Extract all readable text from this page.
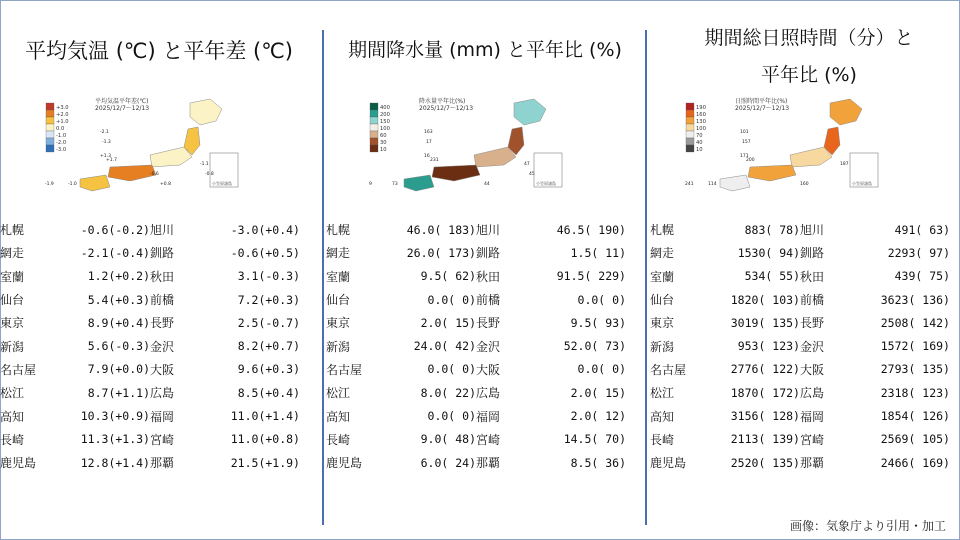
平均気温 (℃) と平年差 (℃)
+3.0
+2.0
+1.0
0.0
-1.0
-2.0
-3.0
平均気温平年差(℃)
2025/12/7〜12/13
-2.1
-1.3
+1.3
+1.7
-1.9	-1.0	+0.8
-1.1
-0.8
-0.6
小笠原諸島
札幌	-0.6(-0.2)	旭川	-3.0(+0.4)
網走	-2.1(-0.4)	釧路	-0.6(+0.5)
室蘭	1.2(+0.2)	秋田	3.1(-0.3)
仙台	5.4(+0.3)	前橋	7.2(+0.3)
東京	8.9(+0.4)	長野	2.5(-0.7)
新潟	5.6(-0.3)	金沢	8.2(+0.7)
名古屋	7.9(+0.0)	大阪	9.6(+0.3)
松江	8.7(+1.1)	広島	8.5(+0.4)
高知	10.3(+0.9)	福岡	11.0(+1.4)
長崎	11.3(+1.3)	宮崎	11.0(+0.8)
鹿児島	12.8(+1.4)	那覇	21.5(+1.9)
期間降水量 (mm) と平年比 (%)
400
200
150
100
60
30
10
降水量平年比(%)
2025/12/7〜12/13
163
17
16
231
9	73	44
47
45
小笠原諸島
札幌	46.0( 183)	旭川	46.5( 190)
網走	26.0( 173)	釧路	1.5( 11)
室蘭	9.5( 62)	秋田	91.5( 229)
仙台	0.0( 0)	前橋	0.0( 0)
東京	2.0( 15)	長野	9.5( 93)
新潟	24.0( 42)	金沢	52.0( 73)
名古屋	0.0( 0)	大阪	0.0( 0)
松江	8.0( 22)	広島	2.0( 15)
高知	0.0( 0)	福岡	2.0( 12)
長崎	9.0( 48)	宮崎	14.5( 70)
鹿児島	6.0( 24)	那覇	8.5( 36)
期間総日照時間（分）と
平年比 (%)
190
160
130
100
70
40
10
日照時間平年比(%)
2025/12/7〜12/13
101
157
171
200
241	114	160
187
小笠原諸島
札幌	883( 78)	旭川	491( 63)
網走	1530( 94)	釧路	2293( 97)
室蘭	534( 55)	秋田	439( 75)
仙台	1820( 103)	前橋	3623( 136)
東京	3019( 135)	長野	2508( 142)
新潟	953( 123)	金沢	1572( 169)
名古屋	2776( 122)	大阪	2793( 135)
松江	1870( 172)	広島	2318( 123)
高知	3156( 128)	福岡	1854( 126)
長崎	2113( 139)	宮崎	2569( 105)
鹿児島	2520( 135)	那覇	2466( 169)
画像：気象庁より引用・加工
